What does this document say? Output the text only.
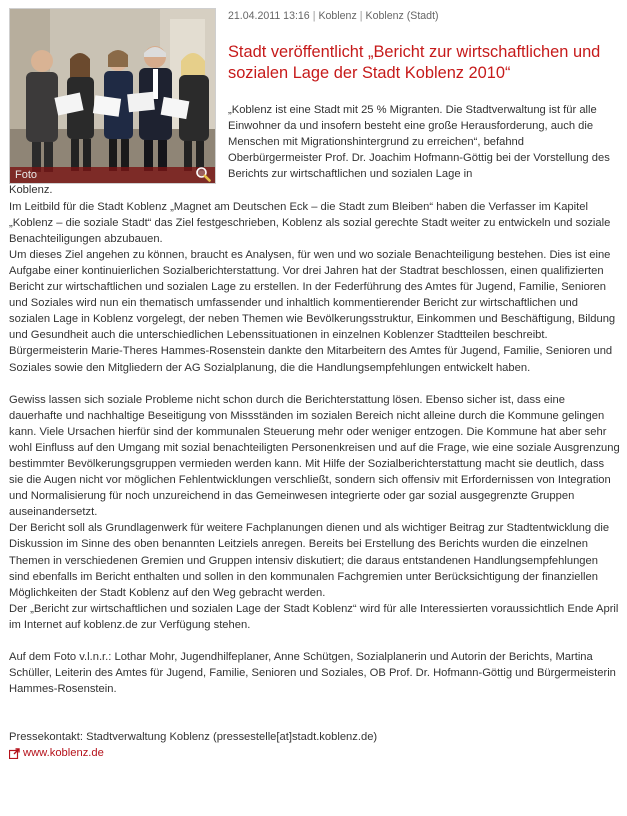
Foto
21.04.2011 13:16 | Koblenz | Koblenz (Stadt)
Stadt veröffentlicht „Bericht zur wirtschaftlichen und sozialen Lage der Stadt Koblenz 2010“

„Koblenz ist eine Stadt mit 25 % Migranten. Die Stadtverwaltung ist für alle Einwohner da und insofern besteht eine große Herausforderung, auch die Menschen mit Migrationshintergrund zu erreichen“, befahnd Oberbürgermeister Prof. Dr. Joachim Hofmann-Göttig bei der Vorstellung des Berichts zur wirtschaftlichen und sozialen Lage in

Koblenz.

Im Leitbild für die Stadt Koblenz „Magnet am Deutschen Eck – die Stadt zum Bleiben“ haben die Verfasser im Kapitel „Koblenz – die soziale Stadt“ das Ziel festgeschrieben, Koblenz als sozial gerechte Stadt weiter zu entwickeln und soziale Benachteiligungen abzubauen.

Um dieses Ziel angehen zu können, braucht es Analysen, für wen und wo soziale Benachteiligung bestehen. Dies ist eine Aufgabe einer kontinuierlichen Sozialberichterstattung. Vor drei Jahren hat der Stadtrat beschlossen, einen qualifizierten Bericht zur wirtschaftlichen und sozialen Lage zu erstellen. In der Federführung des Amtes für Jugend, Familie, Senioren und Soziales wird nun ein thematisch umfassender und inhaltlich kommentierender Bericht zur wirtschaftlichen und sozialen Lage in Koblenz vorgelegt, der neben Themen wie Bevölkerungsstruktur, Einkommen und Beschäftigung, Bildung und Gesundheit auch die unterschiedlichen Lebenssituationen in einzelnen Koblenzer Stadtteilen beschreibt. Bürgermeisterin Marie-Theres Hammes-Rosenstein dankte den Mitarbeitern des Amtes für Jugend, Familie, Senioren und Soziales sowie den Mitgliedern der AG Sozialplanung, die die Handlungsempfehlungen entwickelt haben.

Gewiss lassen sich soziale Probleme nicht schon durch die Berichterstattung lösen. Ebenso sicher ist, dass eine dauerhafte und nachhaltige Beseitigung von Missständen im sozialen Bereich nicht alleine durch die Kommune gelingen kann. Viele Ursachen hierfür sind der kommunalen Steuerung mehr oder weniger entzogen. Die Kommune hat aber sehr wohl Einfluss auf den Umgang mit sozial benachteiligten Personenkreisen und auf die Frage, wie eine soziale Ausgrenzung bestimmter Bevölkerungsgruppen vermieden werden kann. Mit Hilfe der Sozialberichterstattung macht sie deutlich, dass sie die Augen nicht vor möglichen Fehlentwicklungen verschließt, sondern sich offensiv mit Erfordernissen von Integration und Normalisierung für noch unzureichend in das Gemeinwesen integrierte oder gar sozial ausgegrenzte Gruppen auseinandersetzt.

Der Bericht soll als Grundlagenwerk für weitere Fachplanungen dienen und als wichtiger Beitrag zur Stadtentwicklung die Diskussion im Sinne des oben benannten Leitziels anregen. Bereits bei Erstellung des Berichts wurden die einzelnen Themen in verschiedenen Gremien und Gruppen intensiv diskutiert; die daraus entstandenen Handlungsempfehlungen sind ebenfalls im Bericht enthalten und sollen in den kommunalen Fachgremien unter Berücksichtigung der finanziellen Möglichkeiten der Stadt Koblenz auf den Weg gebracht werden.

Der „Bericht zur wirtschaftlichen und sozialen Lage der Stadt Koblenz“ wird für alle Interessierten voraussichtlich Ende April im Internet auf koblenz.de zur Verfügung stehen.

Auf dem Foto v.l.n.r.: Lothar Mohr, Jugendhilfeplaner, Anne Schütgen, Sozialplanerin und Autorin der Berichts, Martina Schüller, Leiterin des Amtes für Jugend, Familie, Senioren und Soziales, OB Prof. Dr. Hofmann-Göttig und Bürgermeisterin Hammes-Rosenstein.

Pressekontakt: Stadtverwaltung Koblenz (pressestelle[at]stadt.koblenz.de)

www.koblenz.de
